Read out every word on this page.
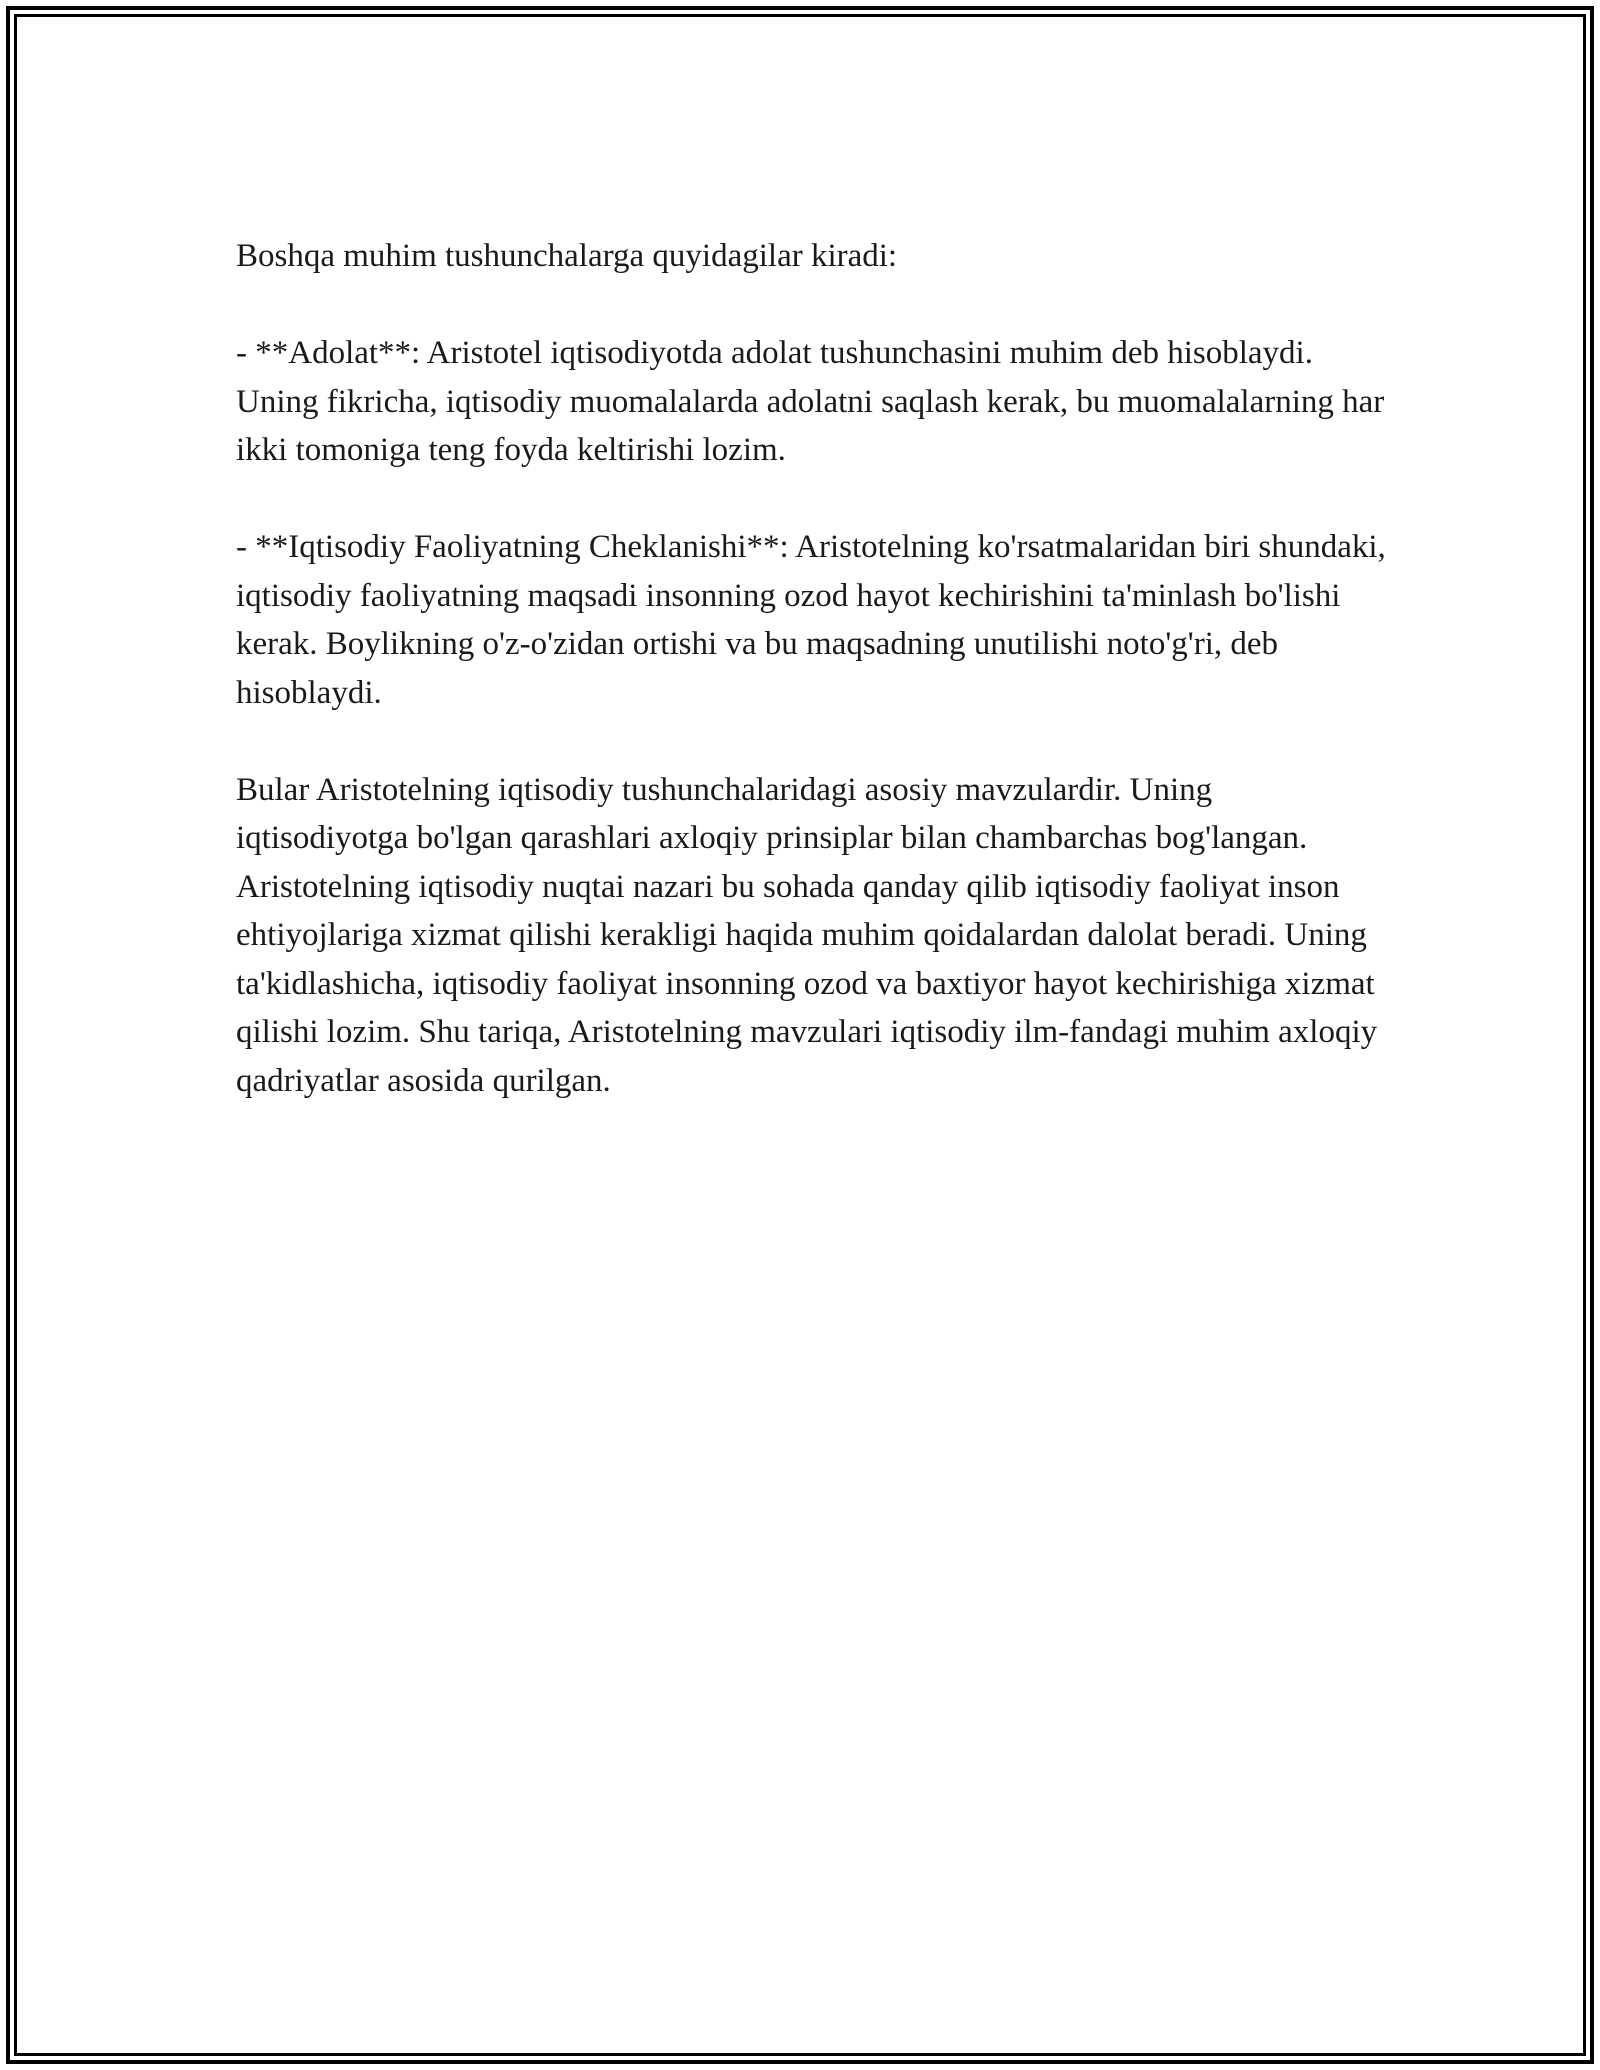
Boshqa muhim tushunchalarga quyidagilar kiradi:

- **Adolat**: Aristotel iqtisodiyotda adolat tushunchasini muhim deb hisoblaydi. Uning fikricha, iqtisodiy muomalalarda adolatni saqlash kerak, bu muomalalarning har ikki tomoniga teng foyda keltirishi lozim.

- **Iqtisodiy Faoliyatning Cheklanishi**: Aristotelning ko'rsatmalaridan biri shundaki, iqtisodiy faoliyatning maqsadi insonning ozod hayot kechirishini ta'minlash bo'lishi kerak. Boylikning o'z-o'zidan ortishi va bu maqsadning unutilishi noto'g'ri, deb hisoblaydi.

Bular Aristotelning iqtisodiy tushunchalaridagi asosiy mavzulardir. Uning iqtisodiyotga bo'lgan qarashlari axloqiy prinsiplar bilan chambarchas bog'langan. Aristotelning iqtisodiy nuqtai nazari bu sohada qanday qilib iqtisodiy faoliyat inson ehtiyojlariga xizmat qilishi kerakligi haqida muhim qoidalardan dalolat beradi. Uning ta'kidlashicha, iqtisodiy faoliyat insonning ozod va baxtiyor hayot kechirishiga xizmat qilishi lozim. Shu tariqa, Aristotelning mavzulari iqtisodiy ilm-fandagi muhim axloqiy qadriyatlar asosida qurilgan.
